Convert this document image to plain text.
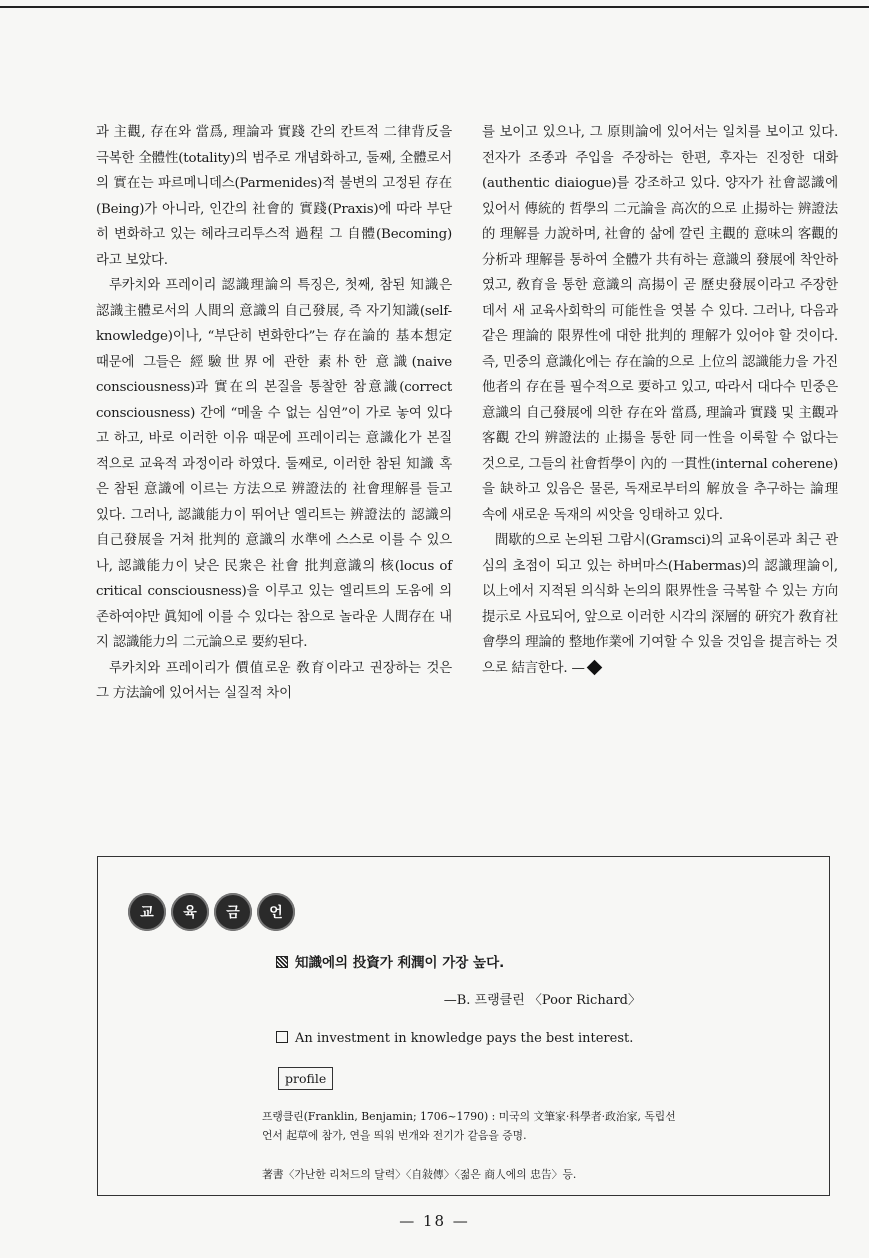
과 主觀, 存在와 當爲, 理論과 實踐 간의 칸트적 二律背反을 극복한 全體性(totality)의 범주로 개념화하고, 둘째, 全體로서의 實在는 파르메니데스(Parmenides)적 불변의 고정된 存在(Being)가 아니라, 인간의 社會的 實踐(Praxis)에 따라 부단히 변화하고 있는 헤라크리투스적 過程 그 自體(Becoming)라고 보았다.

루카치와 프레이리 認識理論의 특징은, 첫째, 참된 知識은 認識主體로서의 人間의 意識의 自己發展, 즉 자기知識(self-knowledge)이나, “부단히 변화한다”는 存在論的 基本想定 때문에 그들은 經驗世界에 관한 素朴한 意識(naive consciousness)과 實在의 본질을 통찰한 참意識(correct consciousness) 간에 “메울 수 없는 심연”이 가로 놓여 있다고 하고, 바로 이러한 이유 때문에 프레이리는 意識化가 본질적으로 교육적 과정이라 하였다. 둘째로, 이러한 참된 知識 혹은 참된 意識에 이르는 方法으로 辨證法的 社會理解를 들고 있다. 그러나, 認識能力이 뛰어난 엘리트는 辨證法的 認識의 自己發展을 거쳐 批判的 意識의 水準에 스스로 이를 수 있으나, 認識能力이 낮은 民衆은 社會 批判意識의 核(locus of critical consciousness)을 이루고 있는 엘리트의 도움에 의존하여야만 眞知에 이를 수 있다는 참으로 놀라운 人間存在 내지 認識能力의 二元論으로 要約된다.

루카치와 프레이리가 價值로운 敎育이라고 권장하는 것은 그 方法論에 있어서는 실질적 차이

를 보이고 있으나, 그 原則論에 있어서는 일치를 보이고 있다. 전자가 조종과 주입을 주장하는 한편, 후자는 진정한 대화(authentic diaiogue)를 강조하고 있다. 양자가 社會認識에 있어서 傳統的 哲學의 二元論을 高次的으로 止揚하는 辨證法的 理解를 力說하며, 社會的 삶에 깔린 主觀的 意味의 客觀的 分析과 理解를 통하여 全體가 共有하는 意識의 發展에 착안하였고, 敎育을 통한 意識의 高揚이 곧 歷史發展이라고 주장한 데서 새 교육사회학의 可能性을 엿볼 수 있다. 그러나, 다음과 같은 理論的 限界性에 대한 批判的 理解가 있어야 할 것이다. 즉, 민중의 意識化에는 存在論的으로 上位의 認識能力을 가진 他者의 存在를 필수적으로 要하고 있고, 따라서 대다수 민중은 意識의 自己發展에 의한 存在와 當爲, 理論과 實踐 및 主觀과 客觀 간의 辨證法的 止揚을 통한 同一性을 이룩할 수 없다는 것으로, 그들의 社會哲學이 內的 一貫性(internal coherene)을 缺하고 있음은 물론, 독재로부터의 解放을 추구하는 論理 속에 새로운 독재의 씨앗을 잉태하고 있다.

間歇的으로 논의된 그람시(Gramsci)의 교육이론과 최근 관심의 초점이 되고 있는 하버마스(Habermas)의 認識理論이, 以上에서 지적된 의식화 논의의 限界性을 극복할 수 있는 方向提示로 사료되어, 앞으로 이러한 시각의 深層的 硏究가 敎育社會學의 理論的 整地作業에 기여할 수 있을 것임을 提言하는 것으로 結言한다. —

교	육	금	언
知識에의 投資가 利潤이 가장 높다.
—B. 프랭클린 〈Poor Richard〉
An investment in knowledge pays the best interest.
profile
프랭클린(Franklin, Benjamin; 1706~1790) : 미국의 文筆家·科學者·政治家, 독립선언서 起草에 참가, 연을 띄워 번개와 전기가 같음을 증명.
著書〈가난한 리처드의 달력〉〈自敍傳〉〈젊은 商人에의 忠告〉등.
— 18 —
